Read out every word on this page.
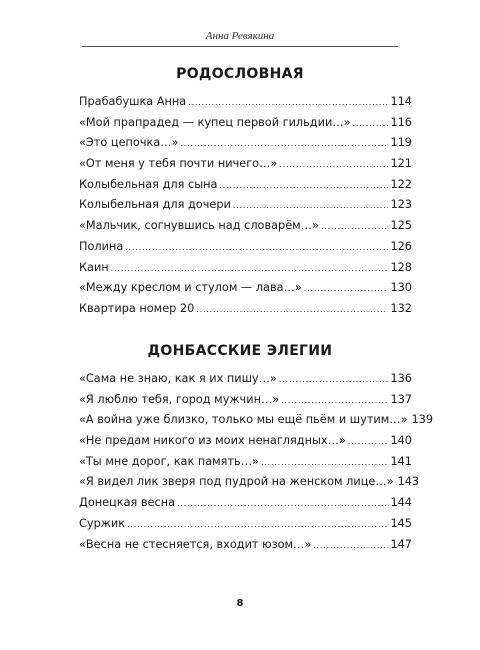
Анна Ревякина
РОДОСЛОВНАЯ
Прабабушка Анна .....	114
«Мой прапрадед — купец первой гильдии…» .....	116
«Это цепочка…» .....	119
«От меня у тебя почти ничего…» .....	121
Колыбельная для сына .....	122
Колыбельная для дочери .....	123
«Мальчик, согнувшись над словарём…» .....	125
Полина .....	126
Каин .....	128
«Между креслом и стулом — лава…» .....	130
Квартира номер 20 .....	132
ДОНБАССКИЕ ЭЛЕГИИ
«Сама не знаю, как я их пишу…» .....	136
«Я люблю тебя, город мужчин…» .....	137
«А война уже близко, только мы ещё пьём и шутим…» 139
«Не предам никого из моих ненаглядных…» .....	140
«Ты мне дорог, как память…» .....	141
«Я видел лик зверя под пудрой на женском лице…» 143
Донецкая весна .....	144
Суржик .....	145
«Весна не стесняется, входит юзом…» .....	147
8
